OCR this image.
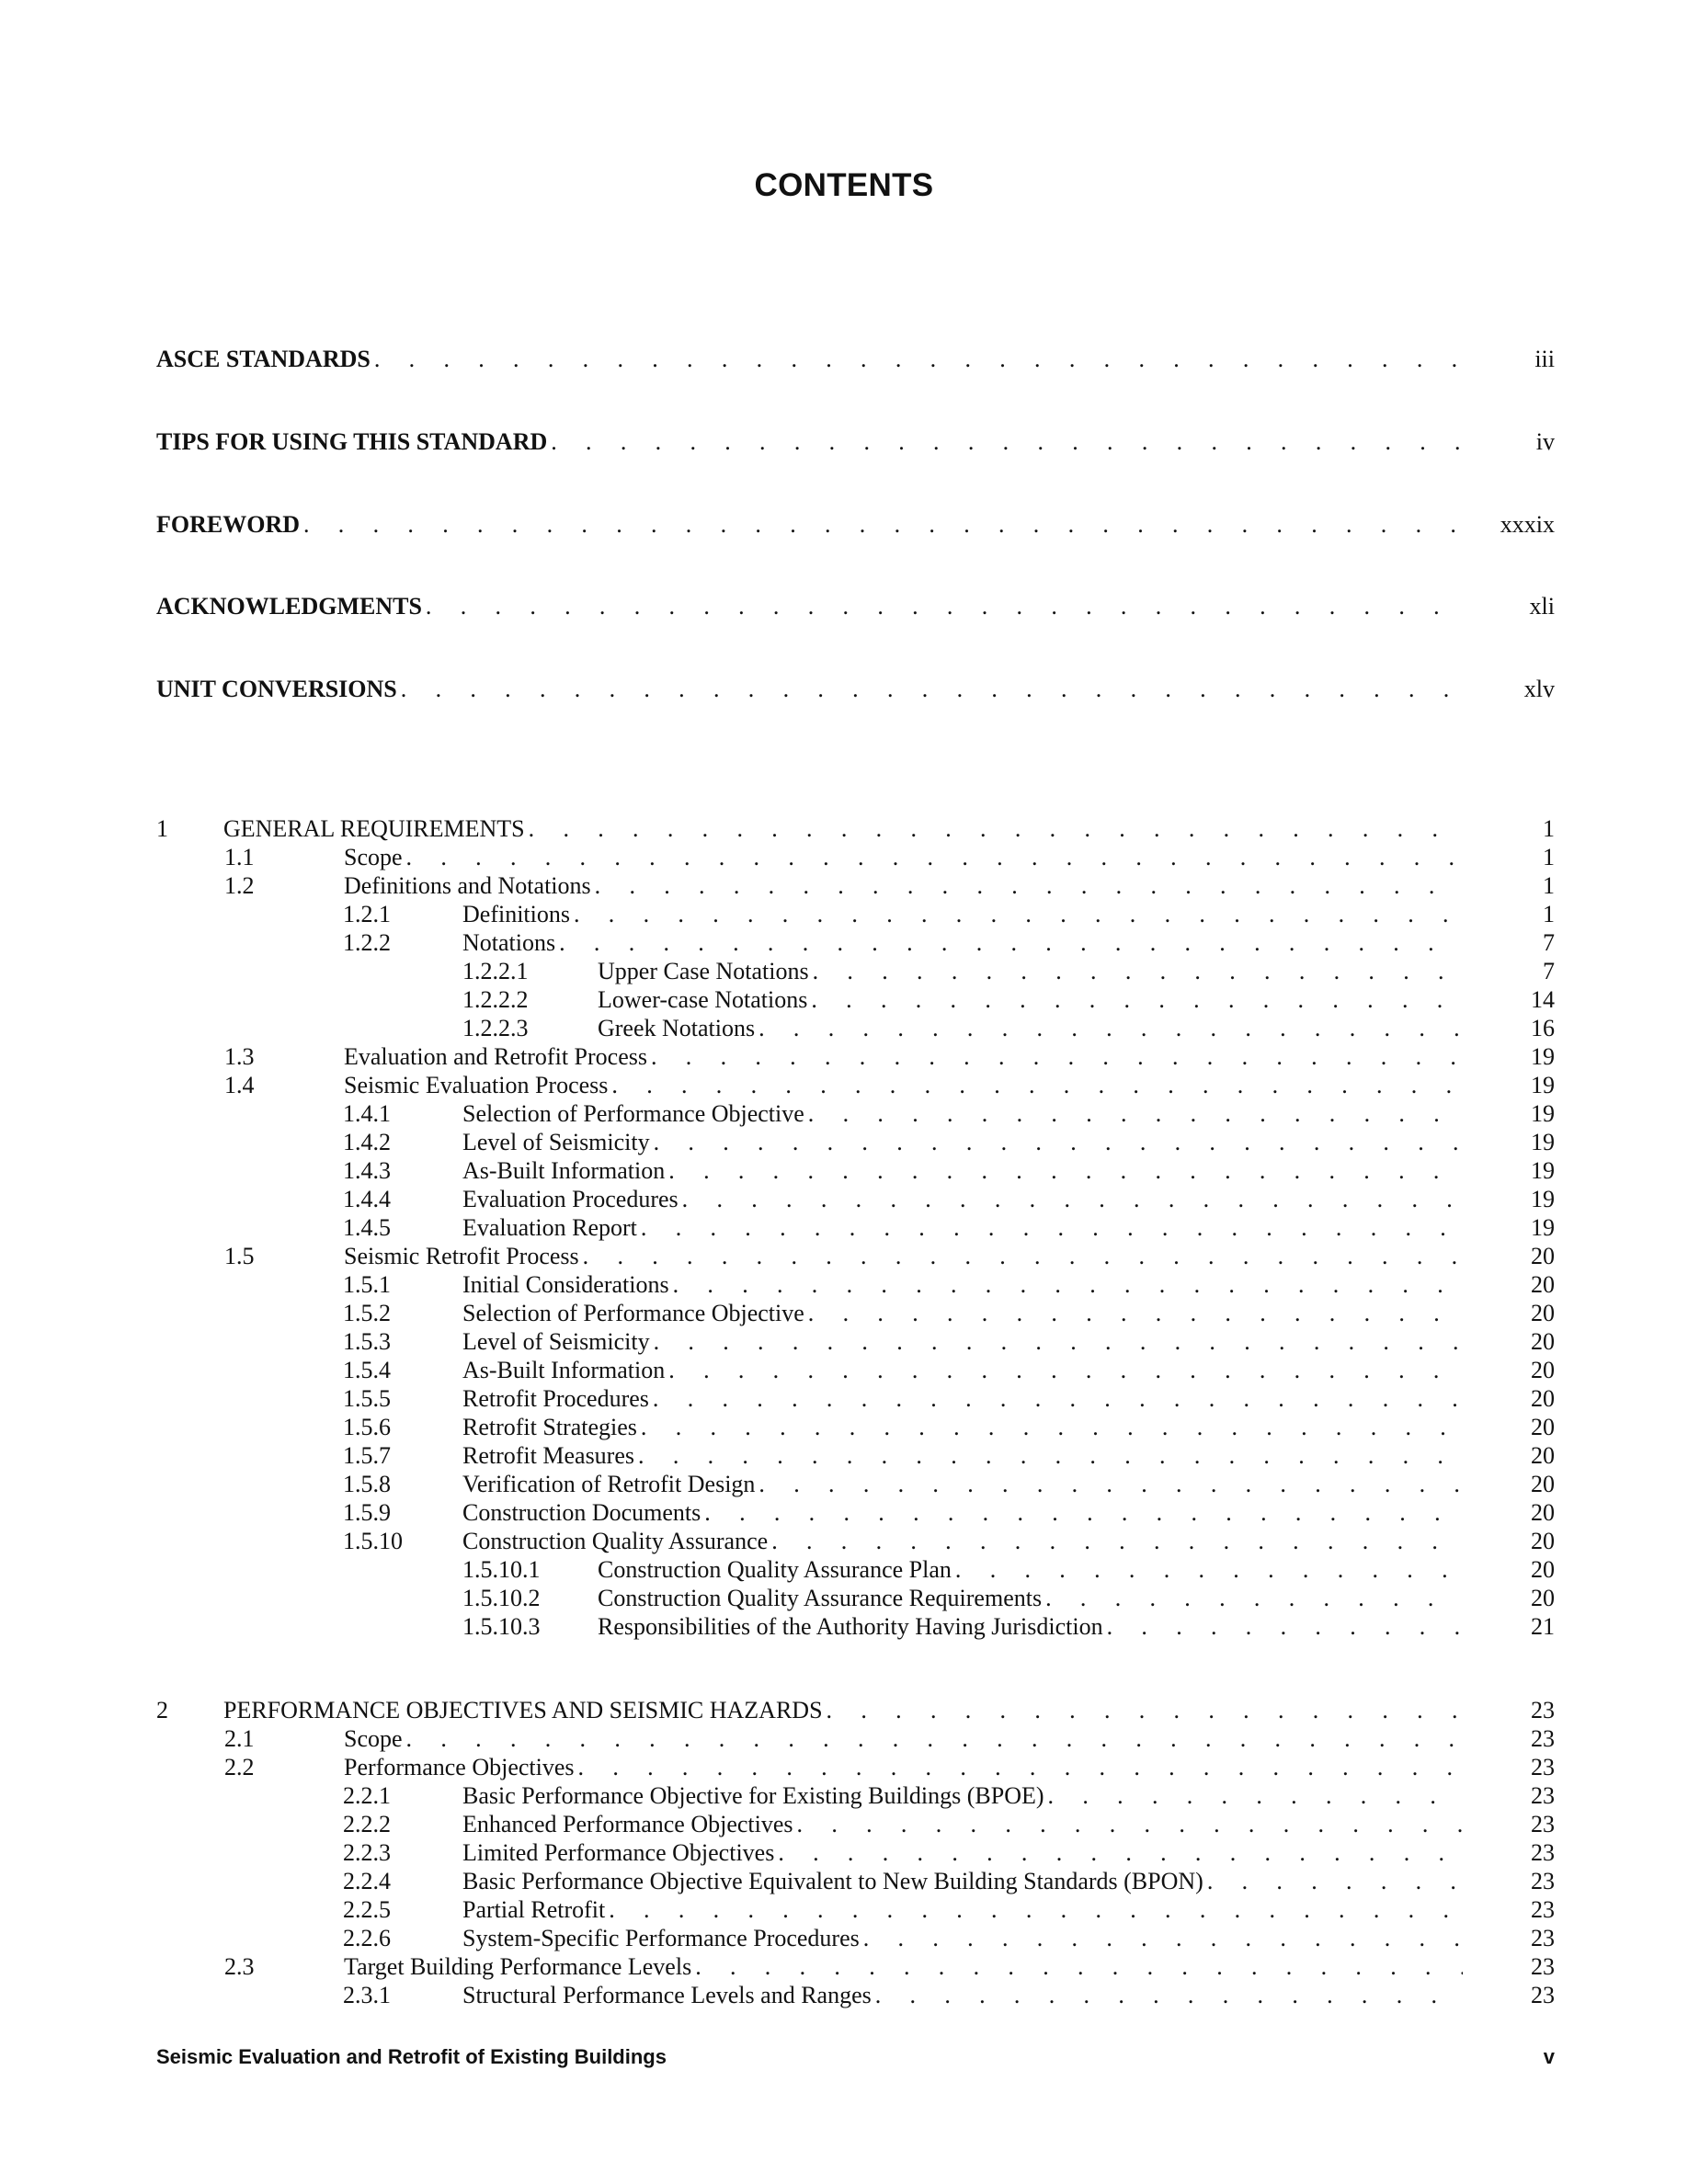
CONTENTS
ASCE STANDARDS . . .	iii
TIPS FOR USING THIS STANDARD . . .	iv
FOREWORD . . .	xxxix
ACKNOWLEDGMENTS . . .	xli
UNIT CONVERSIONS . . .	xlv
1	GENERAL REQUIREMENTS . . .	1
1.1	Scope . . .	1
1.2	Definitions and Notations . . .	1
1.2.1	Definitions . . .	1
1.2.2	Notations . . .	7
1.2.2.1	Upper Case Notations . . .	7
1.2.2.2	Lower-case Notations . . .	14
1.2.2.3	Greek Notations . . .	16
1.3	Evaluation and Retrofit Process . . .	19
1.4	Seismic Evaluation Process . . .	19
1.4.1	Selection of Performance Objective . . .	19
1.4.2	Level of Seismicity . . .	19
1.4.3	As-Built Information . . .	19
1.4.4	Evaluation Procedures . . .	19
1.4.5	Evaluation Report . . .	19
1.5	Seismic Retrofit Process . . .	20
1.5.1	Initial Considerations . . .	20
1.5.2	Selection of Performance Objective . . .	20
1.5.3	Level of Seismicity . . .	20
1.5.4	As-Built Information . . .	20
1.5.5	Retrofit Procedures . . .	20
1.5.6	Retrofit Strategies . . .	20
1.5.7	Retrofit Measures . . .	20
1.5.8	Verification of Retrofit Design . . .	20
1.5.9	Construction Documents . . .	20
1.5.10	Construction Quality Assurance . . .	20
1.5.10.1	Construction Quality Assurance Plan . . .	20
1.5.10.2	Construction Quality Assurance Requirements . . .	20
1.5.10.3	Responsibilities of the Authority Having Jurisdiction . . .	21
2	PERFORMANCE OBJECTIVES AND SEISMIC HAZARDS . . .	23
2.1	Scope . . .	23
2.2	Performance Objectives . . .	23
2.2.1	Basic Performance Objective for Existing Buildings (BPOE) . . .	23
2.2.2	Enhanced Performance Objectives . . .	23
2.2.3	Limited Performance Objectives . . .	23
2.2.4	Basic Performance Objective Equivalent to New Building Standards (BPON) . . .	23
2.2.5	Partial Retrofit . . .	23
2.2.6	System-Specific Performance Procedures . . .	23
2.3	Target Building Performance Levels . . .	23
2.3.1	Structural Performance Levels and Ranges . . .	23
Seismic Evaluation and Retrofit of Existing Buildings	v
